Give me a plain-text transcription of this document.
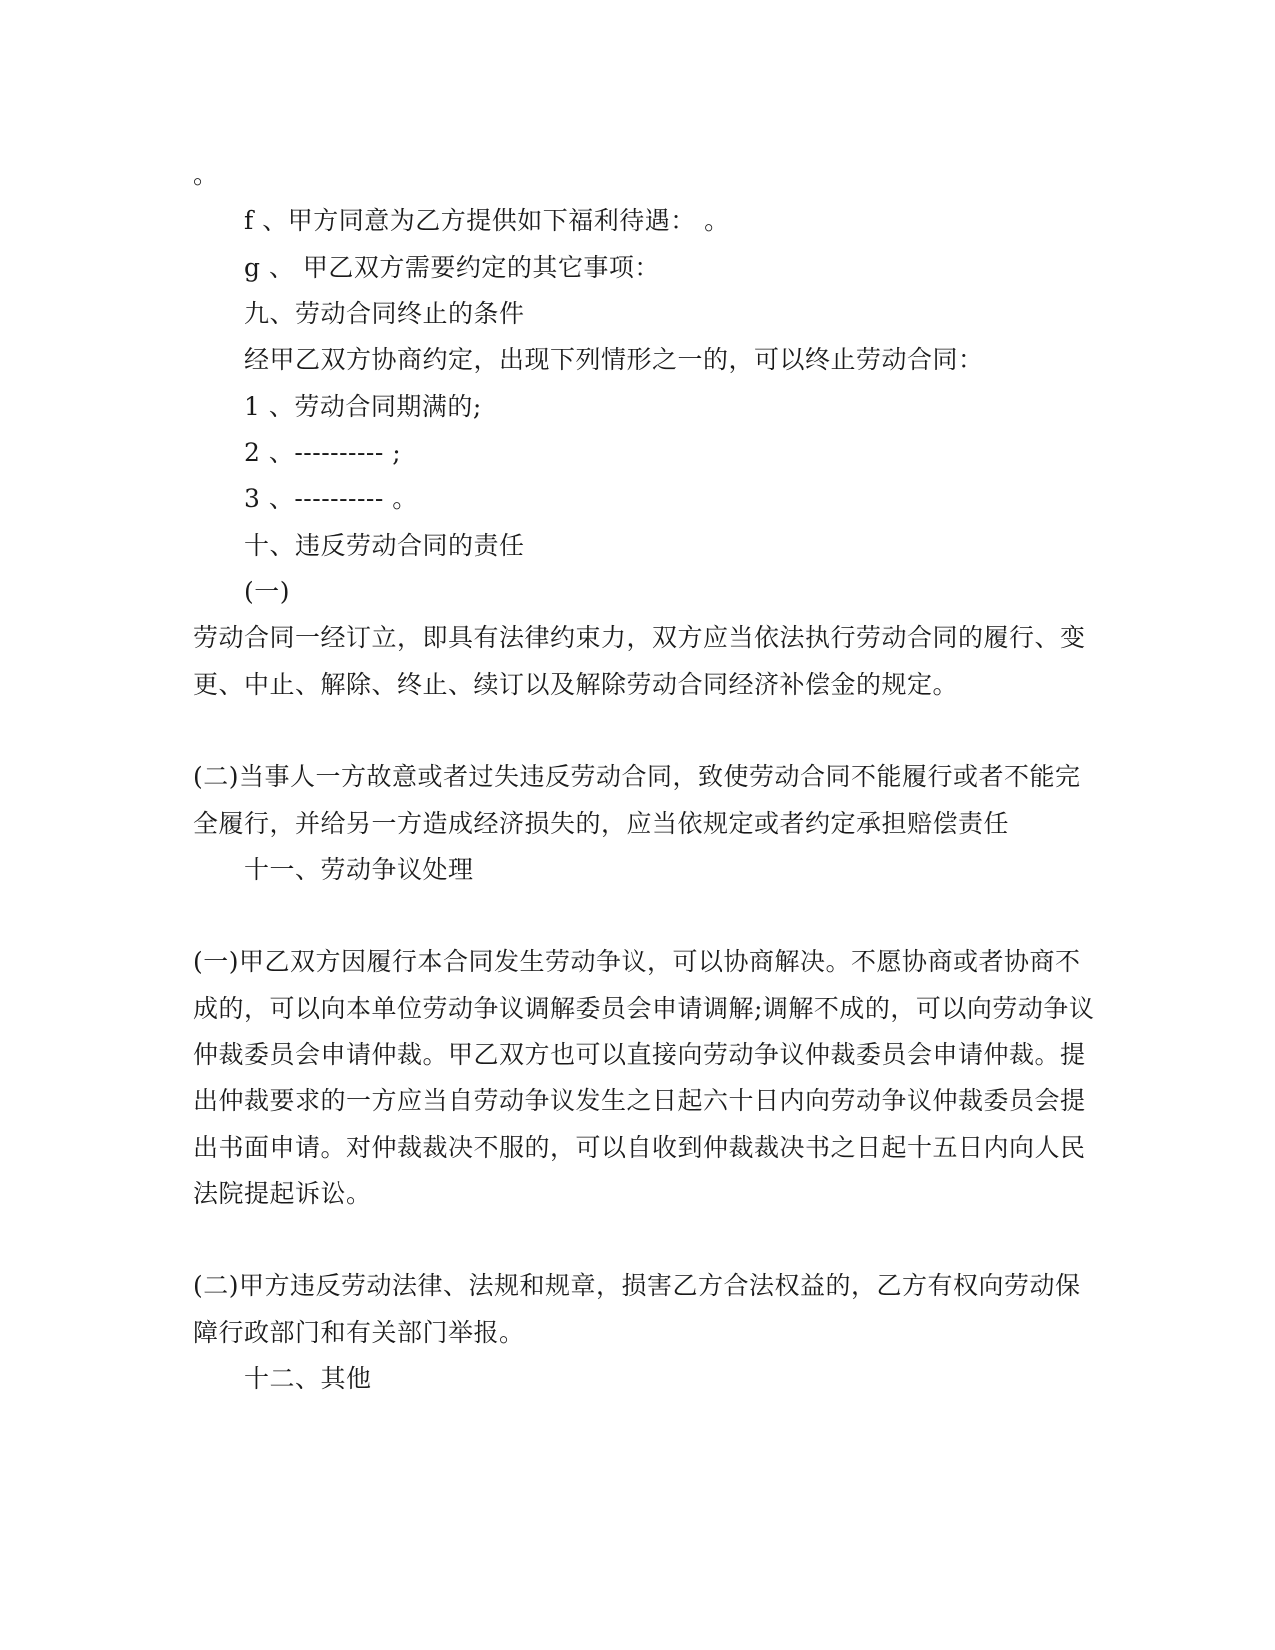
。
f 、甲方同意为乙方提供如下福利待遇： 。
g 、 甲乙双方需要约定的其它事项：
九、劳动合同终止的条件
经甲乙双方协商约定，出现下列情形之一的，可以终止劳动合同：
1 、劳动合同期满的;
2 、---------- ;
3 、---------- 。
十、违反劳动合同的责任
(一)
劳动合同一经订立，即具有法律约束力，双方应当依法执行劳动合同的履行、变
更、中止、解除、终止、续订以及解除劳动合同经济补偿金的规定。
(二)当事人一方故意或者过失违反劳动合同，致使劳动合同不能履行或者不能完
全履行，并给另一方造成经济损失的，应当依规定或者约定承担赔偿责任
十一、劳动争议处理
(一)甲乙双方因履行本合同发生劳动争议，可以协商解决。不愿协商或者协商不
成的，可以向本单位劳动争议调解委员会申请调解;调解不成的，可以向劳动争议
仲裁委员会申请仲裁。甲乙双方也可以直接向劳动争议仲裁委员会申请仲裁。提
出仲裁要求的一方应当自劳动争议发生之日起六十日内向劳动争议仲裁委员会提
出书面申请。对仲裁裁决不服的，可以自收到仲裁裁决书之日起十五日内向人民
法院提起诉讼。
(二)甲方违反劳动法律、法规和规章，损害乙方合法权益的，乙方有权向劳动保
障行政部门和有关部门举报。
十二、其他
